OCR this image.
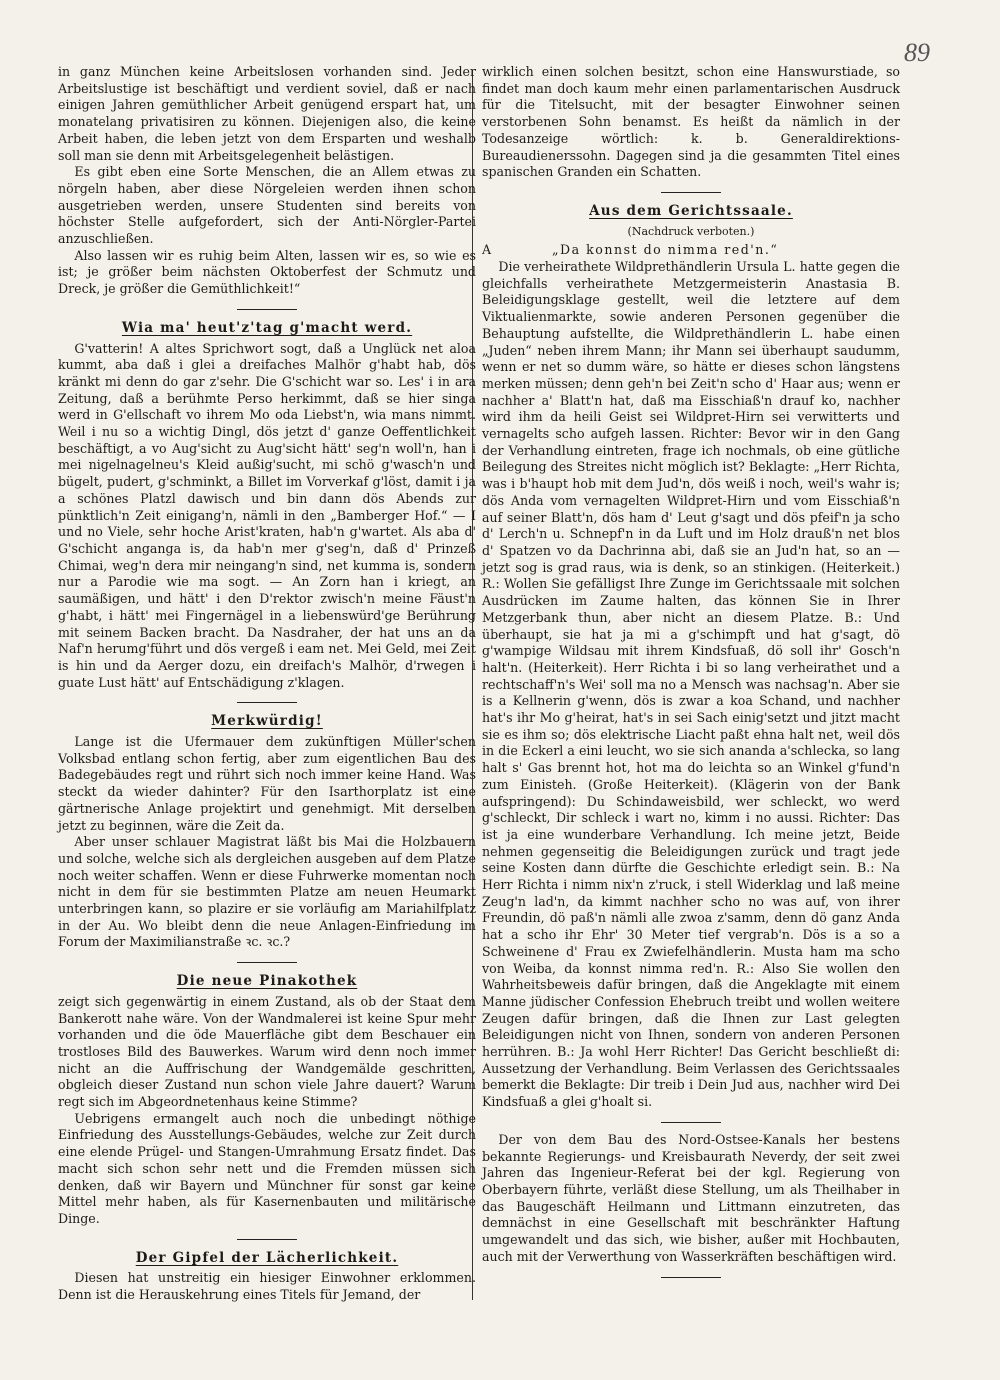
89

in ganz München keine Arbeitslosen vorhanden sind. Jeder Arbeitslustige ist beschäftigt und verdient soviel, daß er nach einigen Jahren gemüthlicher Arbeit genügend erspart hat, um monatelang privatisiren zu können. Diejenigen also, die keine Arbeit haben, die leben jetzt von dem Ersparten und weshalb soll man sie denn mit Arbeitsgelegenheit belästigen.

Es gibt eben eine Sorte Menschen, die an Allem etwas zu nörgeln haben, aber diese Nörgeleien werden ihnen schon ausgetrieben werden, unsere Studenten sind bereits von höchster Stelle aufgefordert, sich der Anti-Nörgler-Partei anzuschließen.

Also lassen wir es ruhig beim Alten, lassen wir es, so wie es ist; je größer beim nächsten Oktoberfest der Schmutz und Dreck, je größer die Gemüthlichkeit!“

Wia ma' heut'z'tag g'macht werd.

G'vatterin! A altes Sprichwort sogt, daß a Unglück net aloa kummt, aba daß i glei a dreifaches Malhör g'habt hab, dös kränkt mi denn do gar z'sehr. Die G'schicht war so. Les' i in ara Zeitung, daß a berühmte Perso herkimmt, daß se hier singa werd in G'ellschaft vo ihrem Mo oda Liebst'n, wia mans nimmt. Weil i nu so a wichtig Dingl, dös jetzt d' ganze Oeffentlichkeit beschäftigt, a vo Aug'sicht zu Aug'sicht hätt' seg'n woll'n, han i mei nigelnagelneu's Kleid außig'sucht, mi schö g'wasch'n und bügelt, pudert, g'schminkt, a Billet im Vorverkaf g'löst, damit i ja a schönes Platzl dawisch und bin dann dös Abends zur pünktlich'n Zeit einigang'n, nämli in den „Bamberger Hof.“ — I und no Viele, sehr hoche Arist'kraten, hab'n g'wartet. Als aba d' G'schicht anganga is, da hab'n mer g'seg'n, daß d' Prinzeß Chimai, weg'n dera mir neingang'n sind, net kumma is, sondern nur a Parodie wie ma sogt. — An Zorn han i kriegt, an saumäßigen, und hätt' i den D'rektor zwisch'n meine Fäust'n g'habt, i hätt' mei Fingernägel in a liebenswürd'ge Berührung mit seinem Backen bracht. Da Nasdraher, der hat uns an da Naf'n herumg'führt und dös vergeß i eam net. Mei Geld, mei Zeit is hin und da Aerger dozu, ein dreifach's Malhör, d'rwegen i guate Lust hätt' auf Entschädigung z'klagen.

Merkwürdig!

Lange ist die Ufermauer dem zukünftigen Müller'schen Volksbad entlang schon fertig, aber zum eigentlichen Bau des Badegebäudes regt und rührt sich noch immer keine Hand. Was steckt da wieder dahinter? Für den Isarthorplatz ist eine gärtnerische Anlage projektirt und genehmigt. Mit derselben jetzt zu beginnen, wäre die Zeit da.

Aber unser schlauer Magistrat läßt bis Mai die Holzbauern und solche, welche sich als dergleichen ausgeben auf dem Platze noch weiter schaffen. Wenn er diese Fuhrwerke momentan noch nicht in dem für sie bestimmten Platze am neuen Heumarkt unterbringen kann, so plazire er sie vorläufig am Mariahilfplatz in der Au. Wo bleibt denn die neue Anlagen-Einfriedung im Forum der Maximilianstraße ꝛc. ꝛc.?

Die neue Pinakothek

zeigt sich gegenwärtig in einem Zustand, als ob der Staat dem Bankerott nahe wäre. Von der Wandmalerei ist keine Spur mehr vorhanden und die öde Mauerfläche gibt dem Beschauer ein trostloses Bild des Bauwerkes. Warum wird denn noch immer nicht an die Auffrischung der Wandgemälde geschritten, obgleich dieser Zustand nun schon viele Jahre dauert? Warum regt sich im Abgeordnetenhaus keine Stimme?

Uebrigens ermangelt auch noch die unbedingt nöthige Einfriedung des Ausstellungs-Gebäudes, welche zur Zeit durch eine elende Prügel- und Stangen-Umrahmung Ersatz findet. Das macht sich schon sehr nett und die Fremden müssen sich denken, daß wir Bayern und Münchner für sonst gar keine Mittel mehr haben, als für Kasernenbauten und militärische Dinge.

Der Gipfel der Lächerlichkeit.

Diesen hat unstreitig ein hiesiger Einwohner erklommen. Denn ist die Herauskehrung eines Titels für Jemand, der

wirklich einen solchen besitzt, schon eine Hanswurstiade, so findet man doch kaum mehr einen parlamentarischen Ausdruck für die Titelsucht, mit der besagter Einwohner seinen verstorbenen Sohn benamst. Es heißt da nämlich in der Todesanzeige wörtlich: k. b. Generaldirektions-Bureaudienerssohn. Dagegen sind ja die gesammten Titel eines spanischen Granden ein Schatten.

Aus dem Gerichtssaale.
(Nachdruck verboten.)

A	„Da konnst do nimma red'n.“

Die verheirathete Wildprethändlerin Ursula L. hatte gegen die gleichfalls verheirathete Metzgermeisterin Anastasia B. Beleidigungsklage gestellt, weil die letztere auf dem Viktualienmarkte, sowie anderen Personen gegenüber die Behauptung aufstellte, die Wildprethändlerin L. habe einen „Juden“ neben ihrem Mann; ihr Mann sei überhaupt saudumm, wenn er net so dumm wäre, so hätte er dieses schon längstens merken müssen; denn geh'n bei Zeit'n scho d' Haar aus; wenn er nachher a' Blatt'n hat, daß ma Eisschiaß'n drauf ko, nachher wird ihm da heili Geist sei Wildpret-Hirn sei verwitterts und vernagelts scho aufgeh lassen. Richter: Bevor wir in den Gang der Verhandlung eintreten, frage ich nochmals, ob eine gütliche Beilegung des Streites nicht möglich ist? Beklagte: „Herr Richta, was i b'haupt hob mit dem Jud'n, dös weiß i noch, weil's wahr is; dös Anda vom vernagelten Wildpret-Hirn und vom Eisschiaß'n auf seiner Blatt'n, dös ham d' Leut g'sagt und dös pfeif'n ja scho d' Lerch'n u. Schnepf'n in da Luft und im Holz drauß'n net blos d' Spatzen vo da Dachrinna abi, daß sie an Jud'n hat, so an — jetzt sog is grad raus, wia is denk, so an stinkigen. (Heiterkeit.) R.: Wollen Sie gefälligst Ihre Zunge im Gerichtssaale mit solchen Ausdrücken im Zaume halten, das können Sie in Ihrer Metzgerbank thun, aber nicht an diesem Platze. B.: Und überhaupt, sie hat ja mi a g'schimpft und hat g'sagt, dö g'wampige Wildsau mit ihrem Kindsfuaß, dö soll ihr' Gosch'n halt'n. (Heiterkeit). Herr Richta i bi so lang verheirathet und a rechtschaff'n's Wei' soll ma no a Mensch was nachsag'n. Aber sie is a Kellnerin g'wenn, dös is zwar a koa Schand, und nachher hat's ihr Mo g'heirat, hat's in sei Sach einig'setzt und jitzt macht sie es ihm so; dös elektrische Liacht paßt ehna halt net, weil dös in die Eckerl a eini leucht, wo sie sich ananda a'schlecka, so lang halt s' Gas brennt hot, hot ma do leichta so an Winkel g'fund'n zum Einisteh. (Große Heiterkeit). (Klägerin von der Bank aufspringend): Du Schindaweisbild, wer schleckt, wo werd g'schleckt, Dir schleck i wart no, kimm i no aussi. Richter: Das ist ja eine wunderbare Verhandlung. Ich meine jetzt, Beide nehmen gegenseitig die Beleidigungen zurück und tragt jede seine Kosten dann dürfte die Geschichte erledigt sein. B.: Na Herr Richta i nimm nix'n z'ruck, i stell Widerklag und laß meine Zeug'n lad'n, da kimmt nachher scho no was auf, von ihrer Freundin, dö paß'n nämli alle zwoa z'samm, denn dö ganz Anda hat a scho ihr Ehr' 30 Meter tief vergrab'n. Dös is a so a Schweinene d' Frau ex Zwiefelhändlerin. Musta ham ma scho von Weiba, da konnst nimma red'n. R.: Also Sie wollen den Wahrheitsbeweis dafür bringen, daß die Angeklagte mit einem Manne jüdischer Confession Ehebruch treibt und wollen weitere Zeugen dafür bringen, daß die Ihnen zur Last gelegten Beleidigungen nicht von Ihnen, sondern von anderen Personen herrühren. B.: Ja wohl Herr Richter! Das Gericht beschließt di: Aussetzung der Verhandlung. Beim Verlassen des Gerichtssaales bemerkt die Beklagte: Dir treib i Dein Jud aus, nachher wird Dei Kindsfuaß a glei g'hoalt si.

Der von dem Bau des Nord-Ostsee-Kanals her bestens bekannte Regierungs- und Kreisbaurath Neverdy, der seit zwei Jahren das Ingenieur-Referat bei der kgl. Regierung von Oberbayern führte, verläßt diese Stellung, um als Theilhaber in das Baugeschäft Heilmann und Littmann einzutreten, das demnächst in eine Gesellschaft mit beschränkter Haftung umgewandelt und das sich, wie bisher, außer mit Hochbauten, auch mit der Verwerthung von Wasserkräften beschäftigen wird.
